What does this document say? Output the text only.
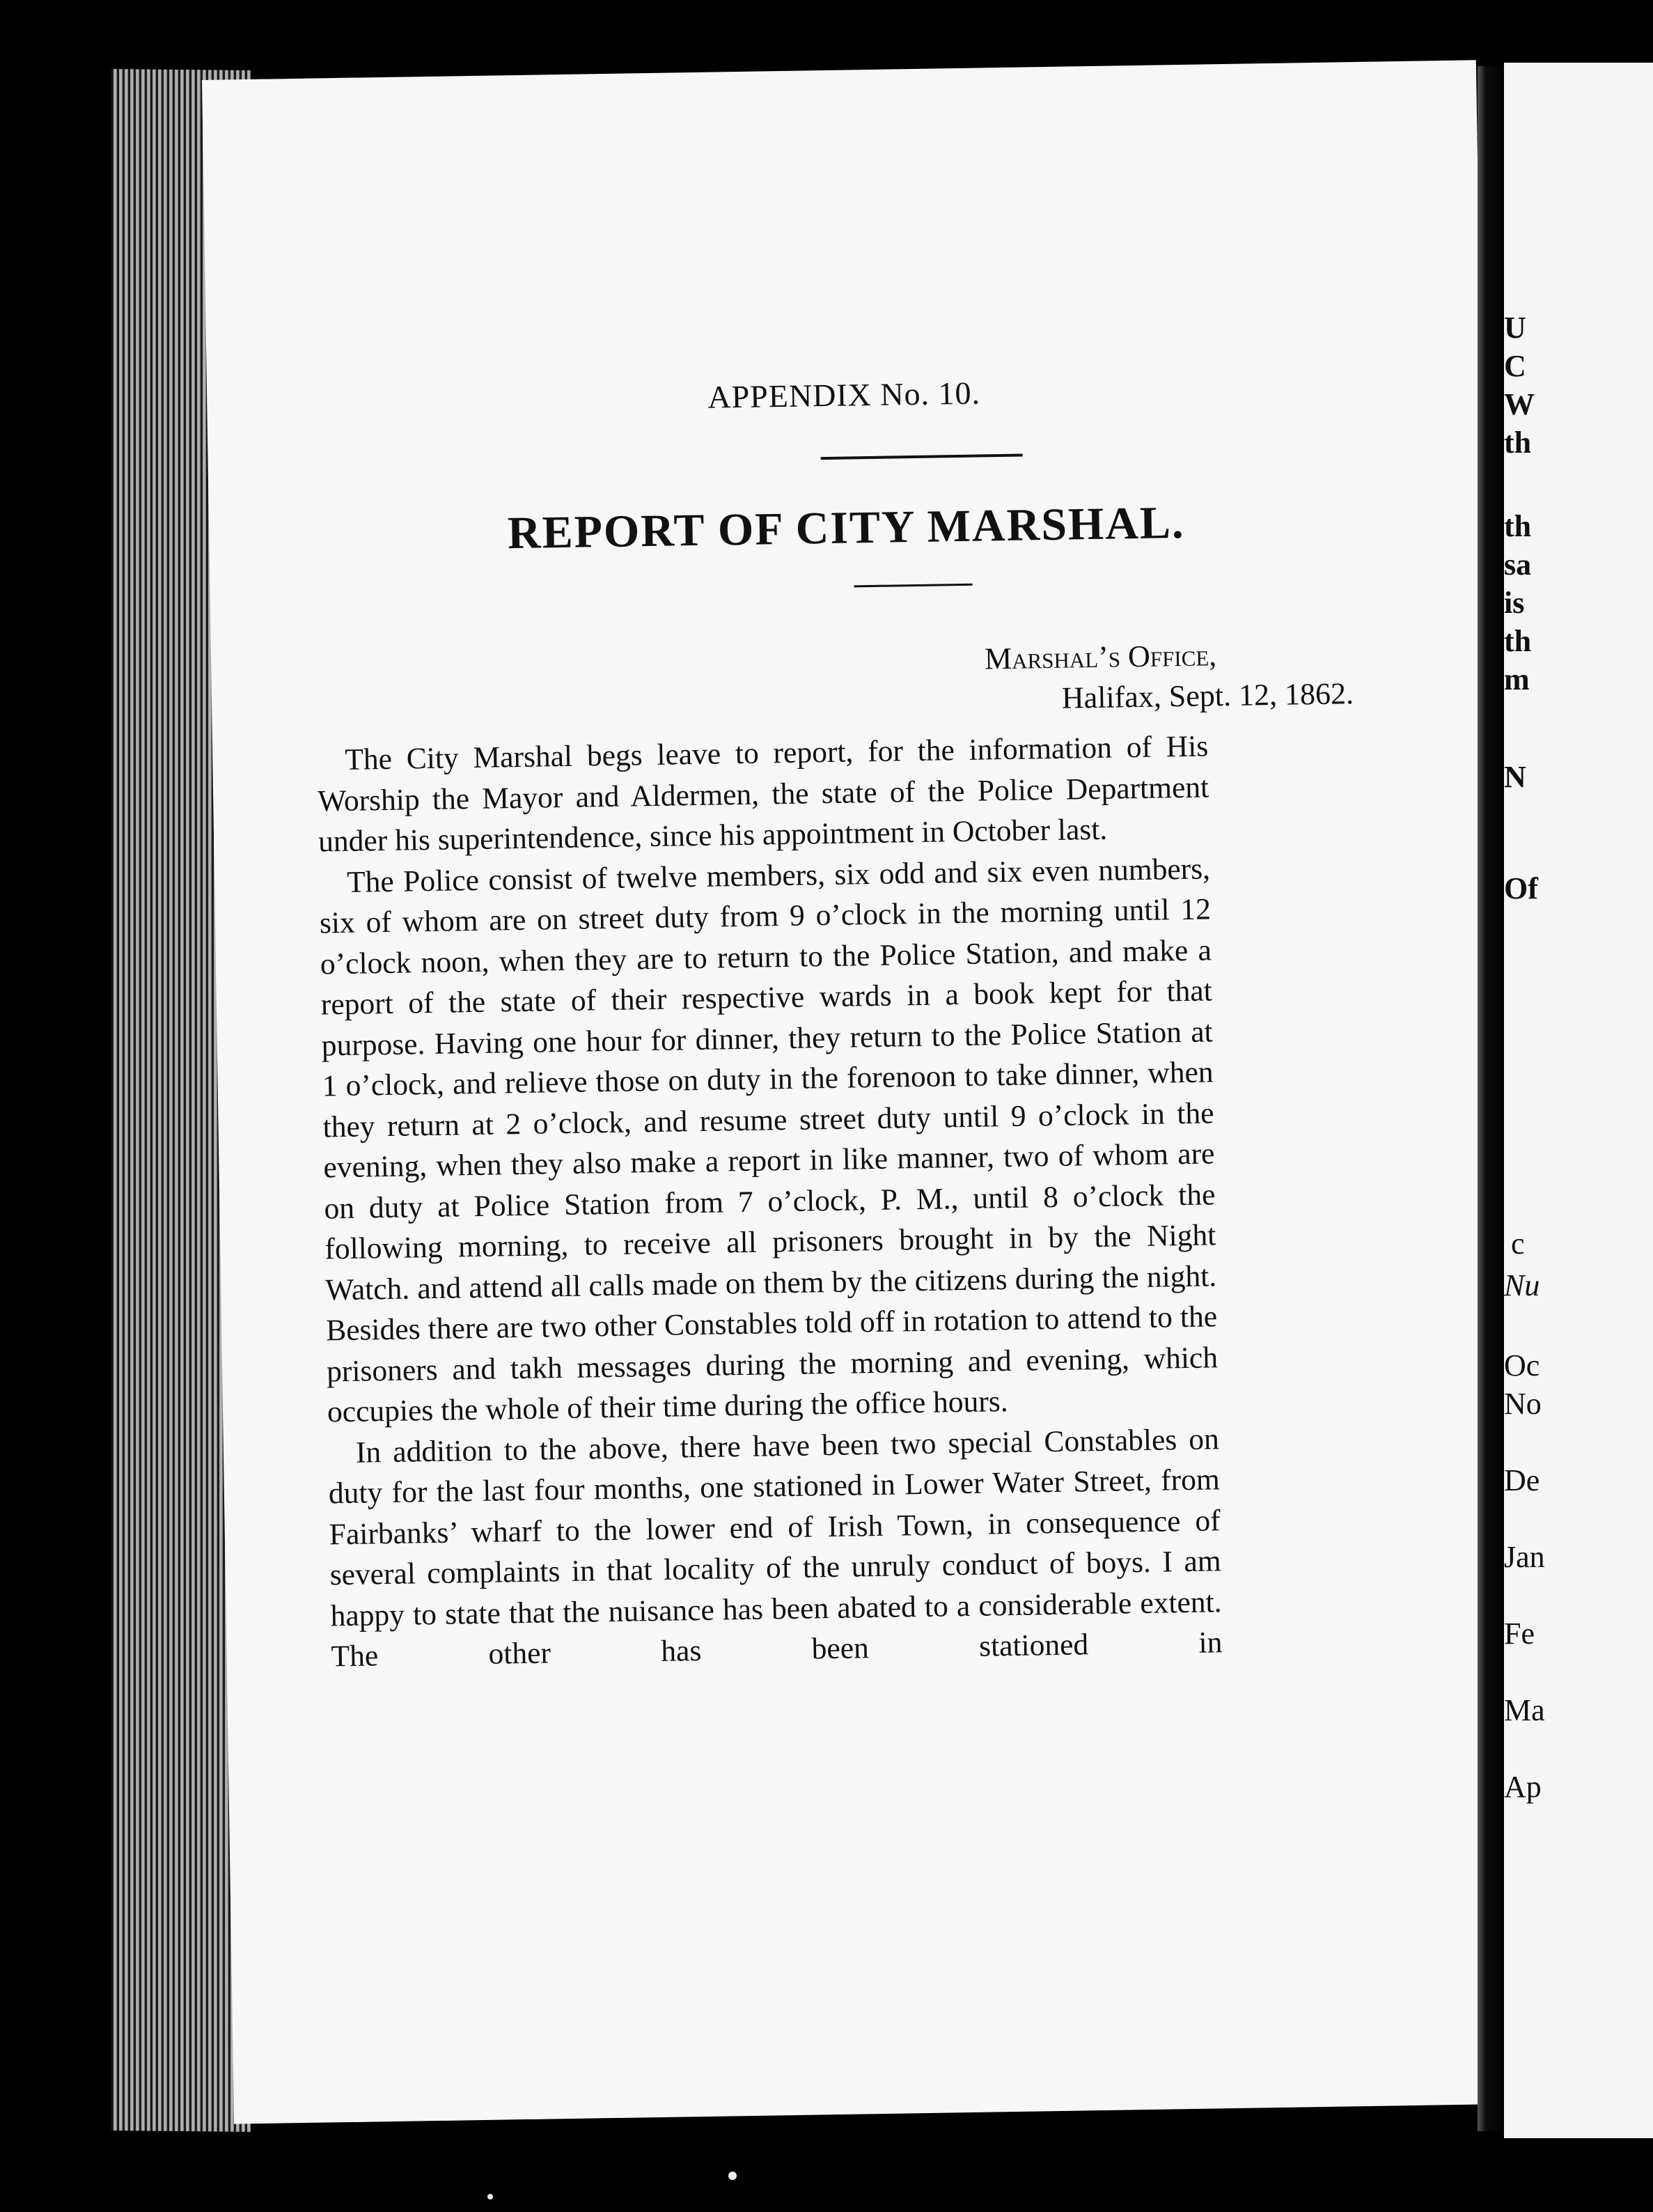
APPENDIX No. 10.
REPORT OF CITY MARSHAL.
Marshal’s Office,
Halifax, Sept. 12, 1862.

The City Marshal begs leave to report, for the information of His Worship the Mayor and Aldermen, the state of the Police Department under his superintendence, since his appointment in October last.

The Police consist of twelve members, six odd and six even numbers, six of whom are on street duty from 9 o’clock in the morning until 12 o’clock noon, when they are to return to the Police Station, and make a report of the state of their respective wards in a book kept for that purpose. Having one hour for dinner, they return to the Police Station at 1 o’clock, and relieve those on duty in the forenoon to take dinner, when they return at 2 o’clock, and resume street duty until 9 o’clock in the evening, when they also make a report in like manner, two of whom are on duty at Police Station from 7 o’clock, P. M., until 8 o’clock the following morning, to receive all prisoners brought in by the Night Watch. and attend all calls made on them by the citizens during the night. Besides there are two other Constables told off in rotation to attend to the prisoners and takh messages during the morning and evening, which occupies the whole of their time during the office hours.

In addition to the above, there have been two special Constables on duty for the last four months, one stationed in Lower Water Street, from Fairbanks’ wharf to the lower end of Irish Town, in consequence of several complaints in that locality of the unruly conduct of boys. I am happy to state that the nuisance has been abated to a considerable extent. The other has been stationed in

U
C
W
th
th
sa
is
th
m
N
Of
c
Nu
Oc
No
De
Jan
Fe
Ma
Ap
